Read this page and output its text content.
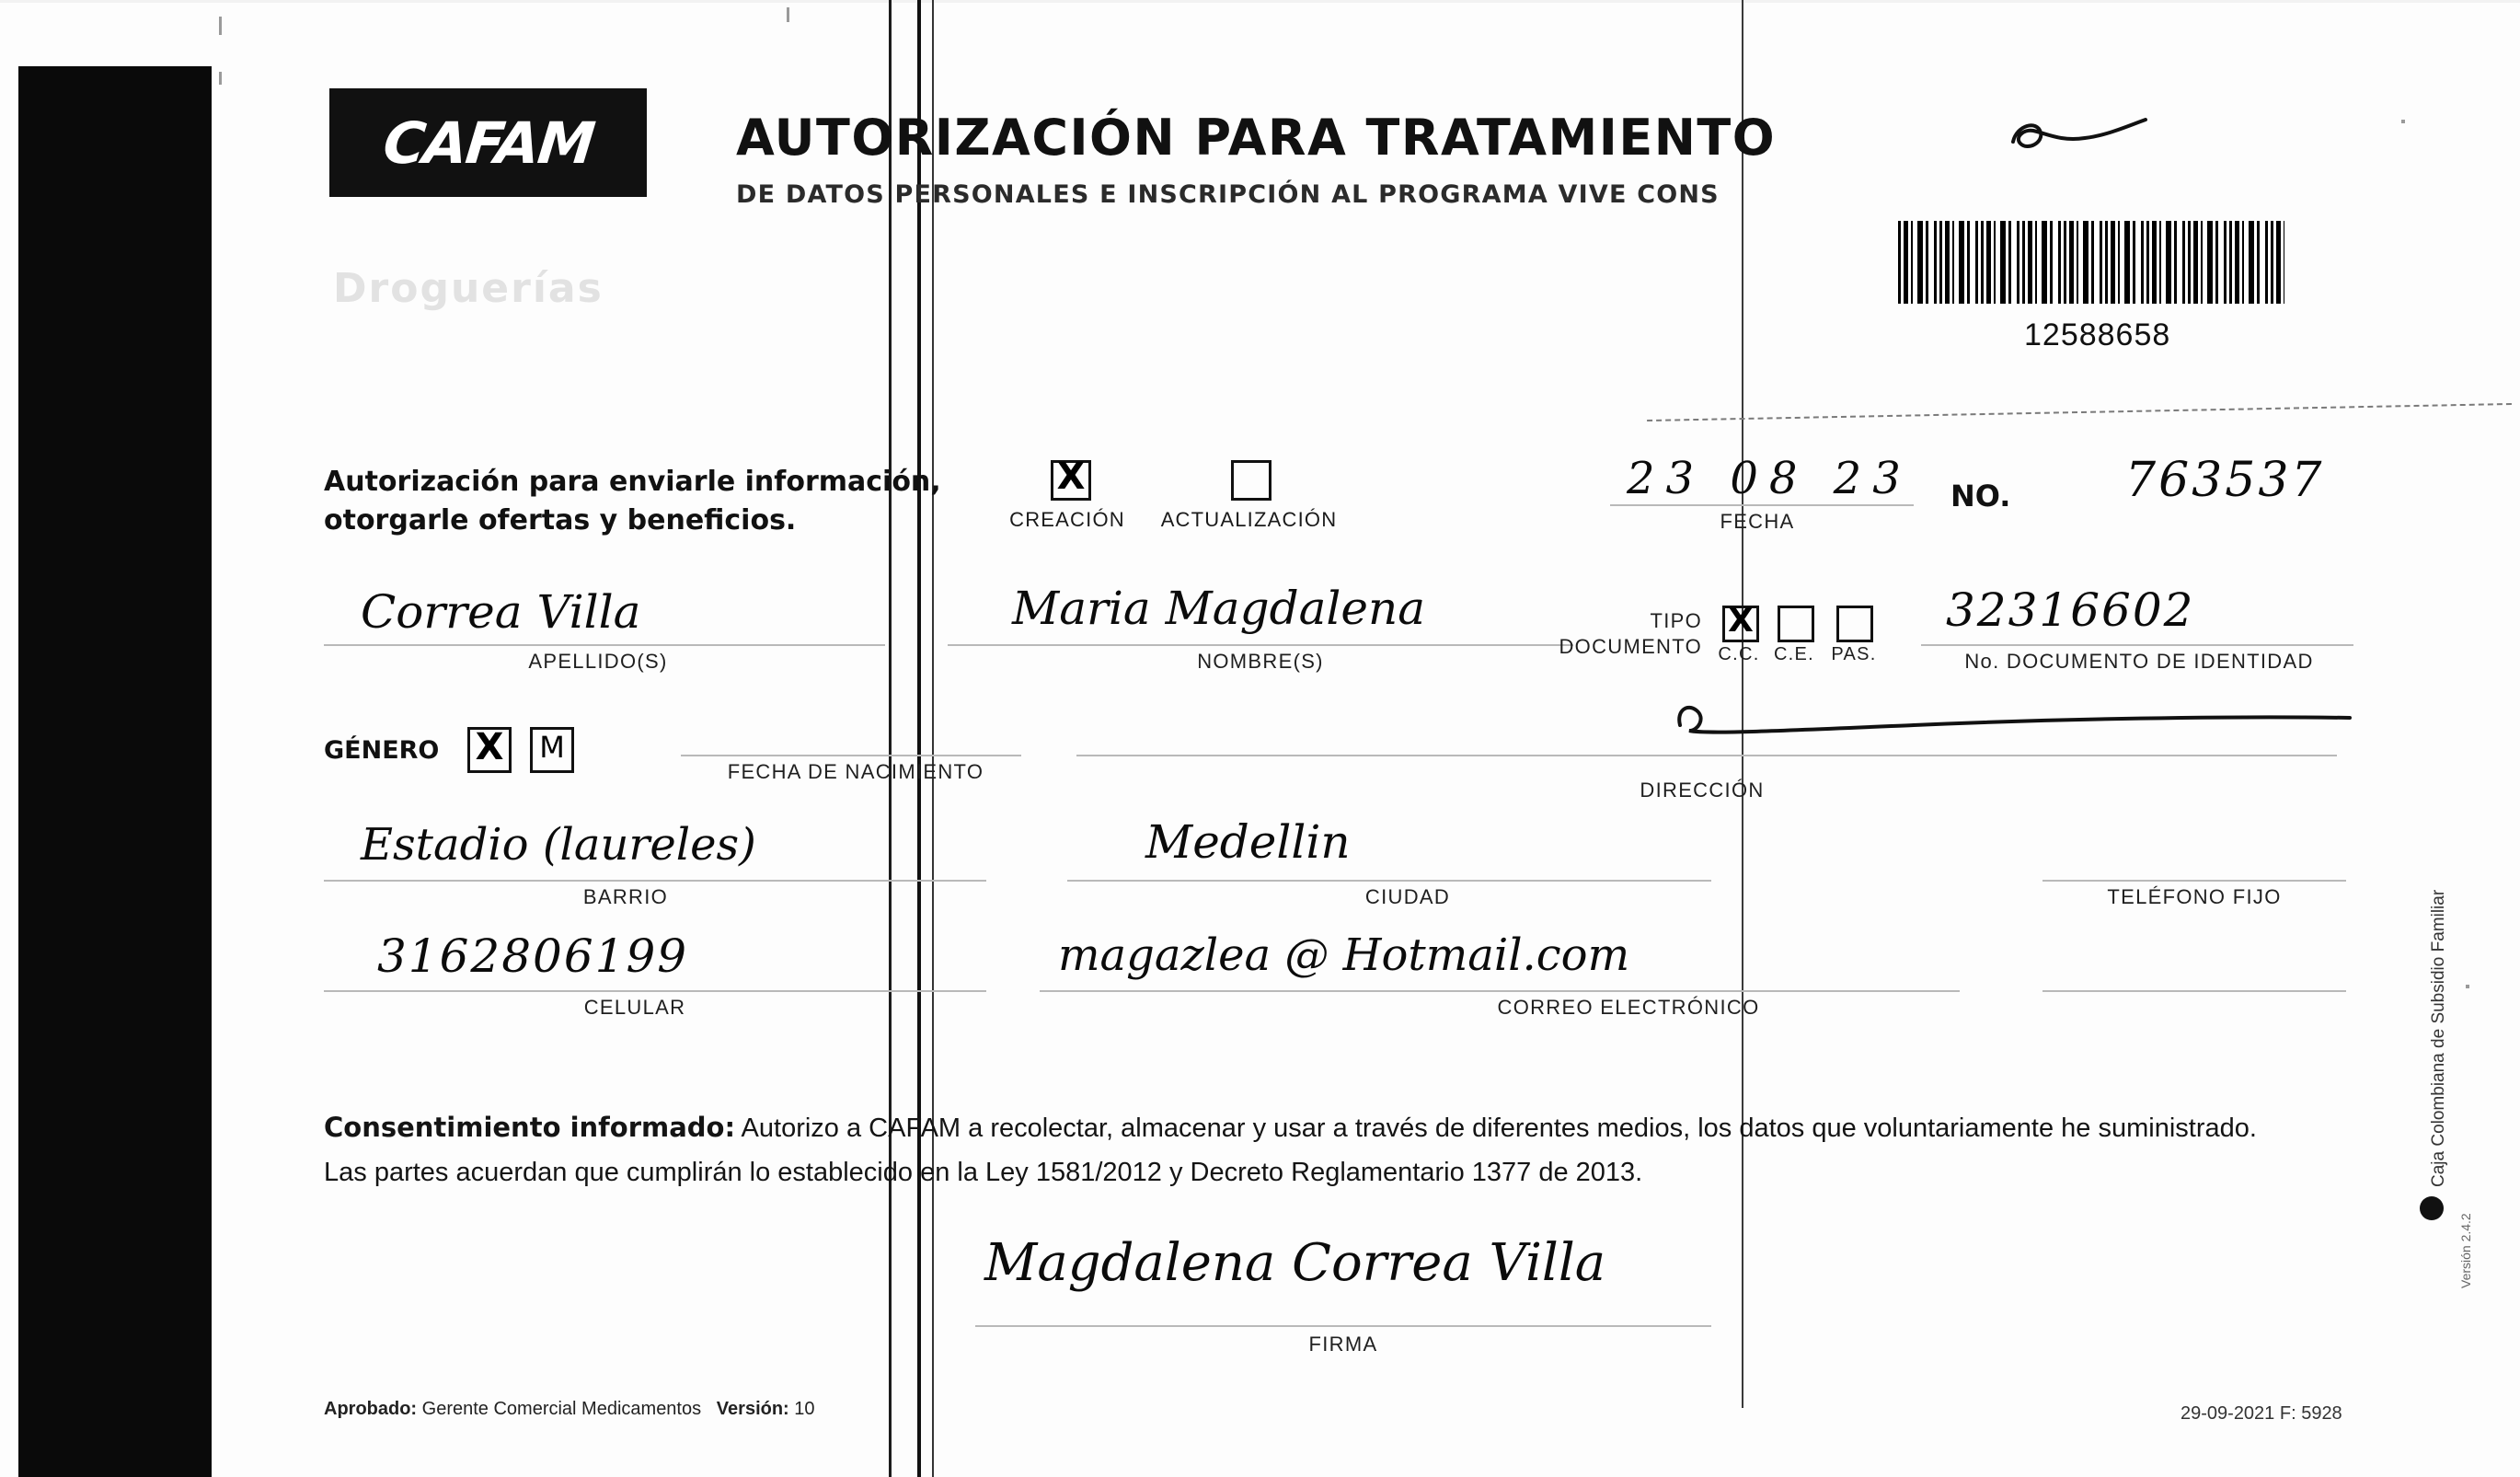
CAFAM
Droguerías
AUTORIZACIÓN PARA TRATAMIENTO
DE DATOS PERSONALES E INSCRIPCIÓN AL PROGRAMA VIVE CONS
12588658
Autorización para enviarle información,
otorgarle ofertas y beneficios.
X
CREACIÓN	ACTUALIZACIÓN
23 08 23
FECHA
NO. 763537
Correa Villa
APELLIDO(S)
Maria Magdalena
NOMBRE(S)
TIPO
DOCUMENTO
X
C.C. C.E. PAS.
32316602
No. DOCUMENTO DE IDENTIDAD
GÉNERO X M
FECHA DE NACIMIENTO
DIRECCIÓN
Estadio (laureles)
BARRIO
Medellin
CIUDAD	TELÉFONO FIJO
3162806199
CELULAR
magazlea @ Hotmail.com
CORREO ELECTRÓNICO
Consentimiento informado: Autorizo a CAFAM a recolectar, almacenar y usar a través de diferentes medios, los datos que voluntariamente he suministrado.
Las partes acuerdan que cumplirán lo establecido en la Ley 1581/2012 y Decreto Reglamentario 1377 de 2013.
Magdalena Correa Villa
FIRMA
Aprobado: Gerente Comercial Medicamentos Versión: 10	29-09-2021 F: 5928
Caja Colombiana de Subsidio Familiar
Versión 2.4.2
